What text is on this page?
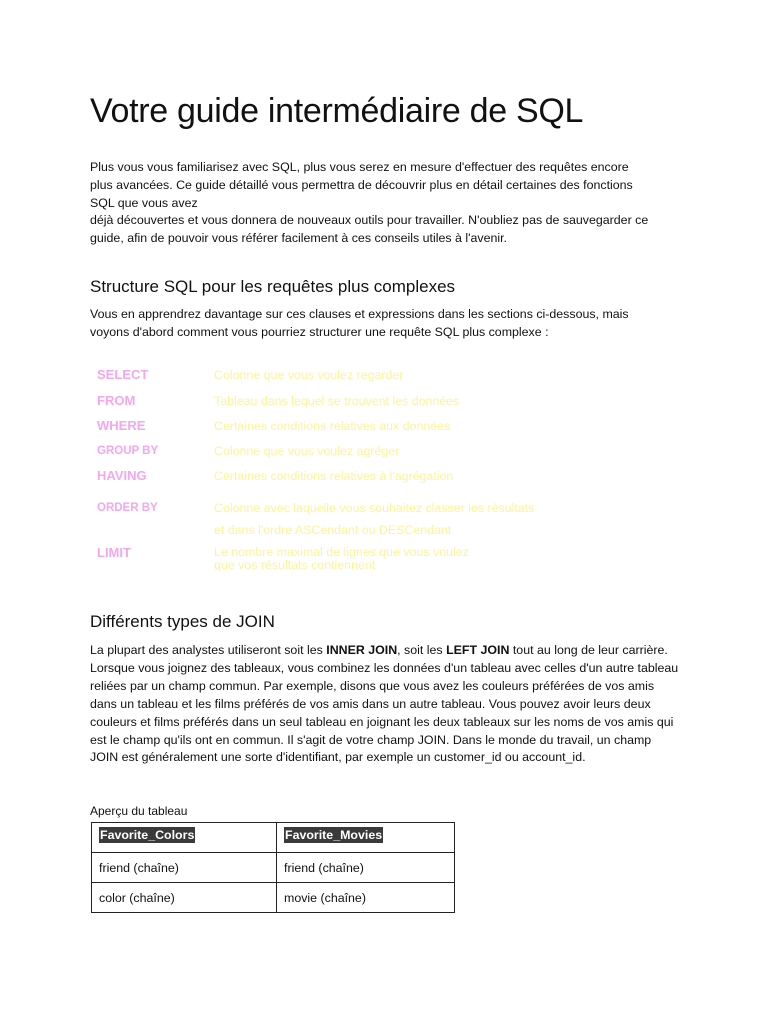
Votre guide intermédiaire de SQL

Plus vous vous familiarisez avec SQL, plus vous serez en mesure d'effectuer des requêtes encore
plus avancées. Ce guide détaillé vous permettra de découvrir plus en détail certaines des fonctions
SQL que vous avez
déjà découvertes et vous donnera de nouveaux outils pour travailler. N'oubliez pas de sauvegarder ce
guide, afin de pouvoir vous référer facilement à ces conseils utiles à l'avenir.

Structure SQL pour les requêtes plus complexes

Vous en apprendrez davantage sur ces clauses et expressions dans les sections ci-dessous, mais
voyons d'abord comment vous pourriez structurer une requête SQL plus complexe :

SELECT	Colonne que vous voulez regarder
FROM	Tableau dans lequel se trouvent les données
WHERE	Certaines conditions relatives aux données
GROUP BY	Colonne que vous voulez agréger
HAVING	Certaines conditions relatives à l'agrégation
ORDER BY	Colonne avec laquelle vous souhaitez classer les résultats
et dans l'ordre ASCendant ou DESCendant
LIMIT	Le nombre maximal de lignes que vous voulez
que vos résultats contiennent
Différents types de JOIN

La plupart des analystes utiliseront soit les INNER JOIN, soit les LEFT JOIN tout au long de leur carrière. Lorsque vous joignez des tableaux, vous combinez les données d'un tableau avec celles d'un autre tableau reliées par un champ commun. Par exemple, disons que vous avez les couleurs préférées de vos amis dans un tableau et les films préférés de vos amis dans un autre tableau. Vous pouvez avoir leurs deux couleurs et films préférés dans un seul tableau en joignant les deux tableaux sur les noms de vos amis qui est le champ qu'ils ont en commun. Il s'agit de votre champ JOIN. Dans le monde du travail, un champ JOIN est généralement une sorte d'identifiant, par exemple un customer_id ou account_id.

Aperçu du tableau
Favorite_Colors	Favorite_Movies
friend (chaîne)	friend (chaîne)
color (chaîne)	movie (chaîne)
